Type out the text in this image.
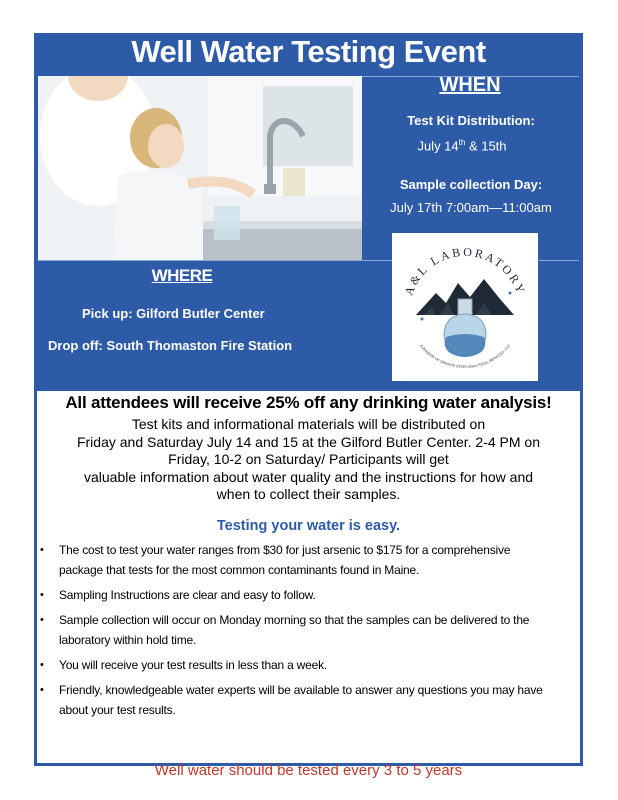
Well Water Testing Event
WHEN
Test Kit Distribution:
July 14th & 15th
Sample collection Day:
July 17th 7:00am—11:00am
WHERE
Pick up: Gilford Butler Center
Drop off: South Thomaston Fire Station
A&L LABORATORY
A DIVISION OF GRANITE STATE ANALYTICAL SERVICES, LLC
All attendees will receive 25% off any drinking water analysis!
Test kits and informational materials will be distributed on
Friday and Saturday July 14 and 15 at the Gilford Butler Center. 2-4 PM on
Friday, 10-2 on Saturday/ Participants will get
valuable information about water quality and the instructions for how and
when to collect their samples.
Testing your water is easy.
• The cost to test your water ranges from $30 for just arsenic to $175 for a comprehensive package that tests for the most common contaminants found in Maine.
• Sampling Instructions are clear and easy to follow.
• Sample collection will occur on Monday morning so that the samples can be delivered to the laboratory within hold time.
• You will receive your test results in less than a week.
• Friendly, knowledgeable water experts will be available to answer any questions you may have about your test results.
Well water should be tested every 3 to 5 years
